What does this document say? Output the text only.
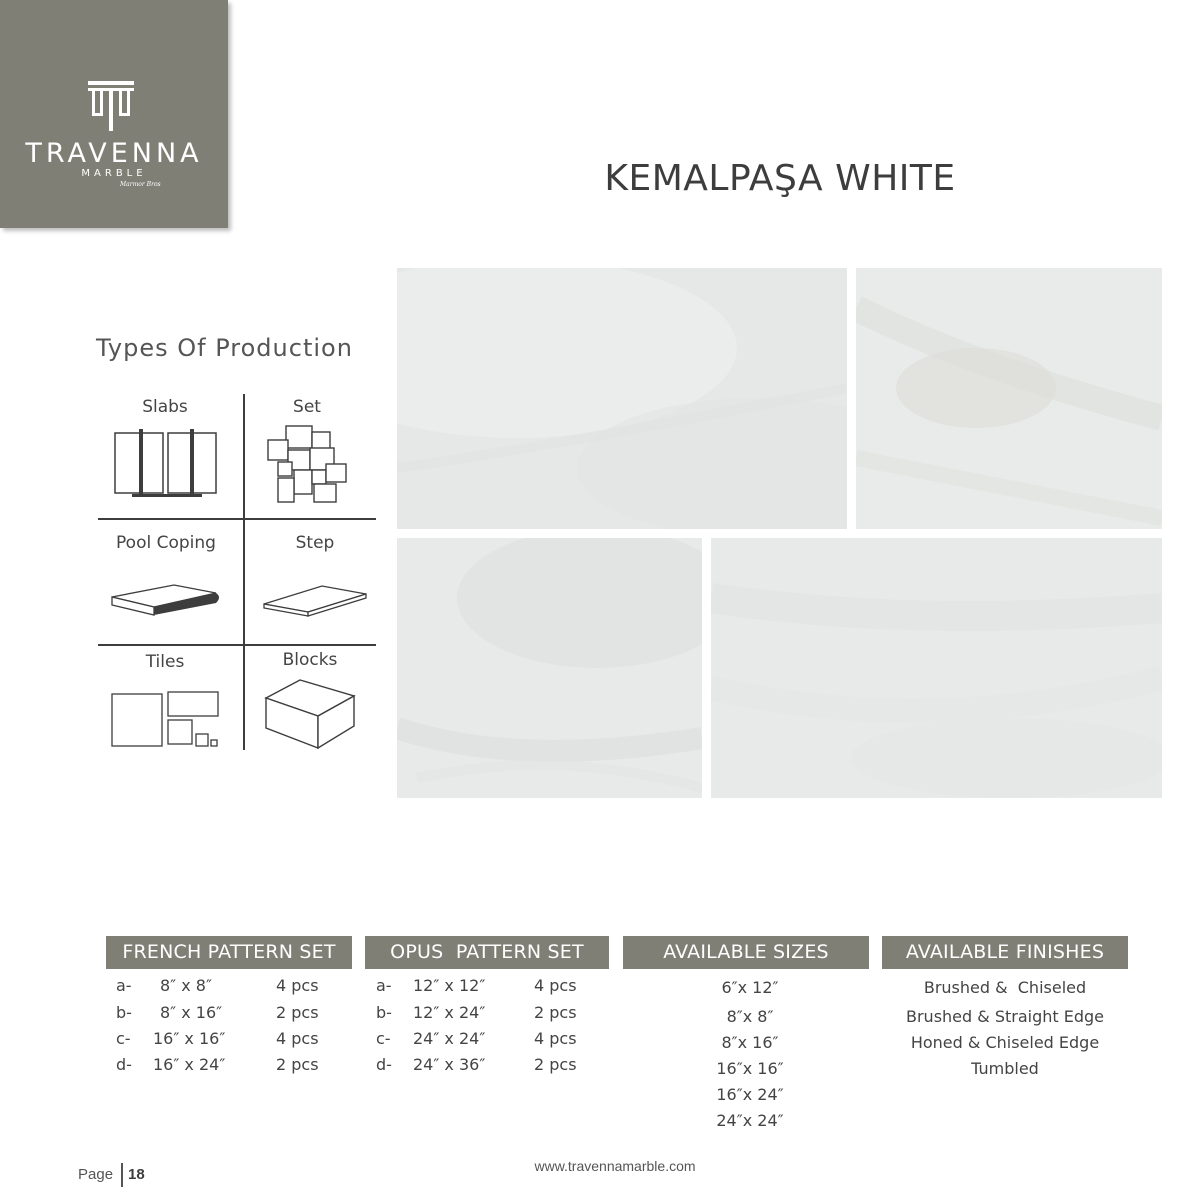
TRAVENNA
MARBLE
Marmor Bros	KEMALPAŞA WHITE
Types Of Production
Slabs	Set
Pool Coping	Step
Tiles	Blocks
FRENCH PATTERN SET	OPUS  PATTERN SET	AVAILABLE SIZES	AVAILABLE FINISHES
a- 8″ x 8″	4 pcs
b- 8″ x 16″	2 pcs
c- 16″ x 16″	4 pcs
d- 16″ x 24″	2 pcs
a- 12″ x 12″	4 pcs
b- 12″ x 24″	2 pcs
c- 24″ x 24″	4 pcs
d- 24″ x 36″	2 pcs
6″x 12″
8″x 8″
8″x 16″
16″x 16″
16″x 24″
24″x 24″
Brushed &  Chiseled
Brushed & Straight Edge
Honed & Chiseled Edge
Tumbled
Page 18	www.travennamarble.com
